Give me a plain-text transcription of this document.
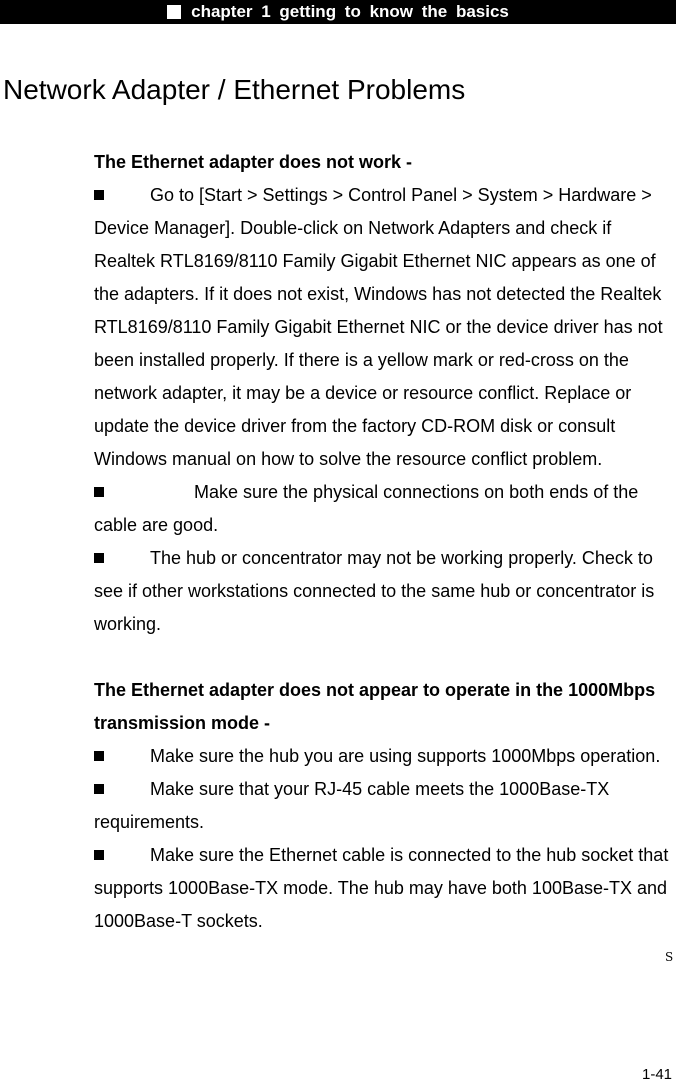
chapter 1 getting to know the basics
Network Adapter / Ethernet Problems
The Ethernet adapter does not work -
Go to [Start > Settings > Control Panel > System > Hardware > Device Manager]. Double-click on Network Adapters and check if Realtek RTL8169/8110 Family Gigabit Ethernet NIC appears as one of the adapters. If it does not exist, Windows has not detected the Realtek RTL8169/8110 Family Gigabit Ethernet NIC or the device driver has not been installed properly. If there is a yellow mark or red-cross on the network adapter, it may be a device or resource conflict. Replace or update the device driver from the factory CD-ROM disk or consult Windows manual on how to solve the resource conflict problem.
Make sure the physical connections on both ends of the cable are good.
The hub or concentrator may not be working properly. Check to see if other workstations connected to the same hub or concentrator is working.
The Ethernet adapter does not appear to operate in the 1000Mbps transmission mode -
Make sure the hub you are using supports 1000Mbps operation.
Make sure that your RJ-45 cable meets the 1000Base-TX requirements.
Make sure the Ethernet cable is connected to the hub socket that supports 1000Base-TX mode. The hub may have both 100Base-TX and 1000Base-T sockets.
S
1-41
